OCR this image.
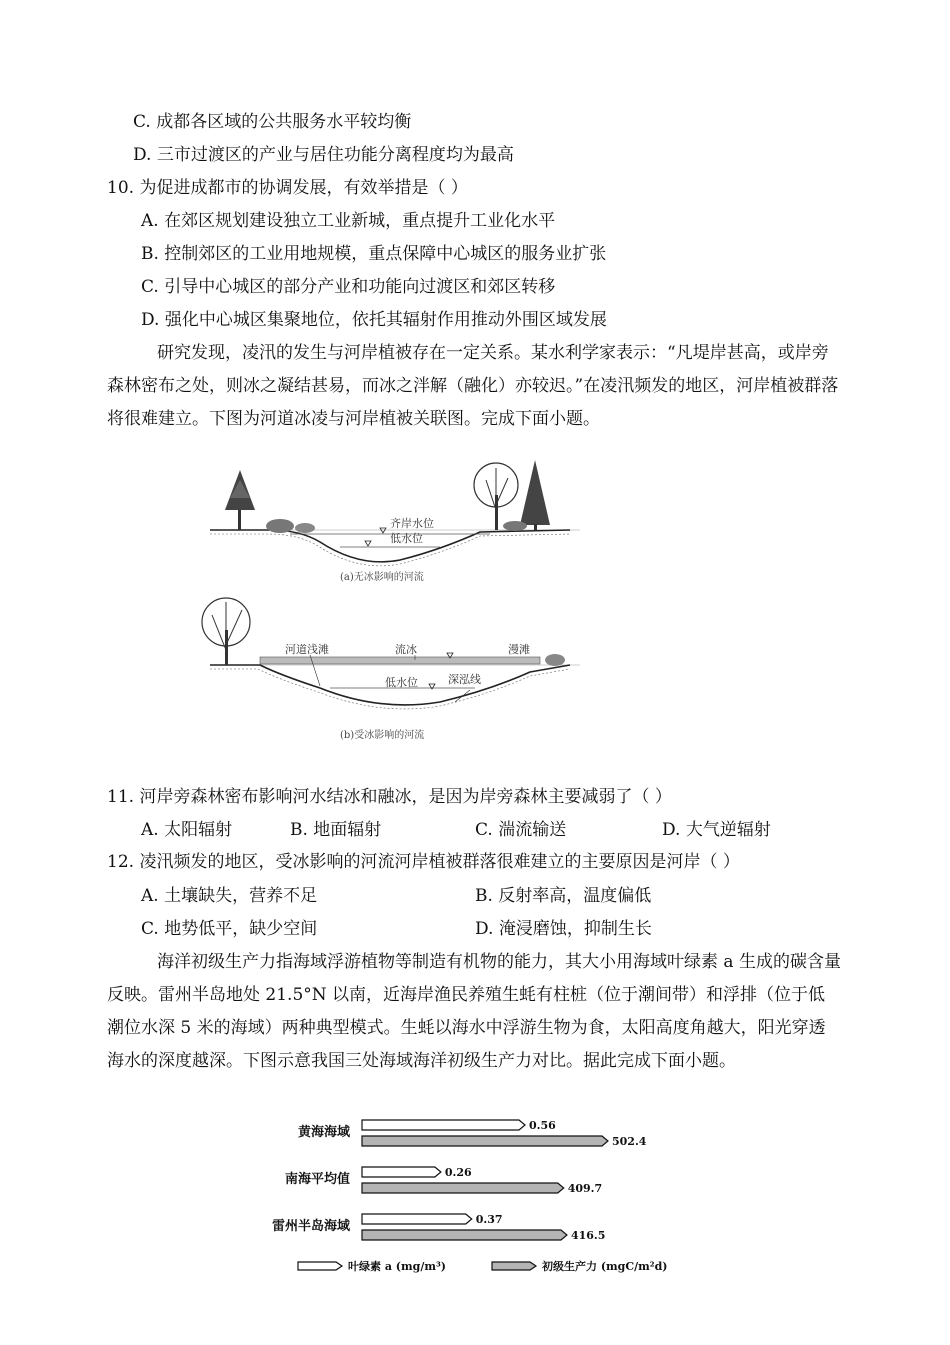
C. 成都各区域的公共服务水平较均衡
D. 三市过渡区的产业与居住功能分离程度均为最高
10. 为促进成都市的协调发展，有效举措是（ ）
A. 在郊区规划建设独立工业新城，重点提升工业化水平
B. 控制郊区的工业用地规模，重点保障中心城区的服务业扩张
C. 引导中心城区的部分产业和功能向过渡区和郊区转移
D. 强化中心城区集聚地位，依托其辐射作用推动外围区域发展
研究发现，凌汛的发生与河岸植被存在一定关系。某水利学家表示：“凡堤岸甚高，或岸旁森林密布之处，则冰之凝结甚易，而冰之泮解（融化）亦较迟。”在凌汛频发的地区，河岸植被群落将很难建立。下图为河道冰凌与河岸植被关联图。完成下面小题。
齐岸水位
低水位
(a)无冰影响的河流
河道浅滩	流冰	漫滩
低水位	深泓线
(b)受冰影响的河流
11. 河岸旁森林密布影响河水结冰和融冰，是因为岸旁森林主要减弱了（ ）
A. 太阳辐射	B. 地面辐射	C. 湍流输送	D. 大气逆辐射
12. 凌汛频发的地区，受冰影响的河流河岸植被群落很难建立的主要原因是河岸（ ）
A. 土壤缺失，营养不足	B. 反射率高，温度偏低
C. 地势低平，缺少空间	D. 淹浸磨蚀，抑制生长
海洋初级生产力指海域浮游植物等制造有机物的能力，其大小用海域叶绿素 a 生成的碳含量反映。雷州半岛地处 21.5°N 以南，近海岸渔民养殖生蚝有柱桩（位于潮间带）和浮排（位于低潮位水深 5 米的海域）两种典型模式。生蚝以海水中浮游生物为食，太阳高度角越大，阳光穿透海水的深度越深。下图示意我国三处海域海洋初级生产力对比。据此完成下面小题。
黄海海域	0.56
502.4
南海平均值	0.26
409.7
雷州半岛海域	0.37
416.5
叶绿素 a (mg/m³)	初级生产力 (mgC/m²d)
